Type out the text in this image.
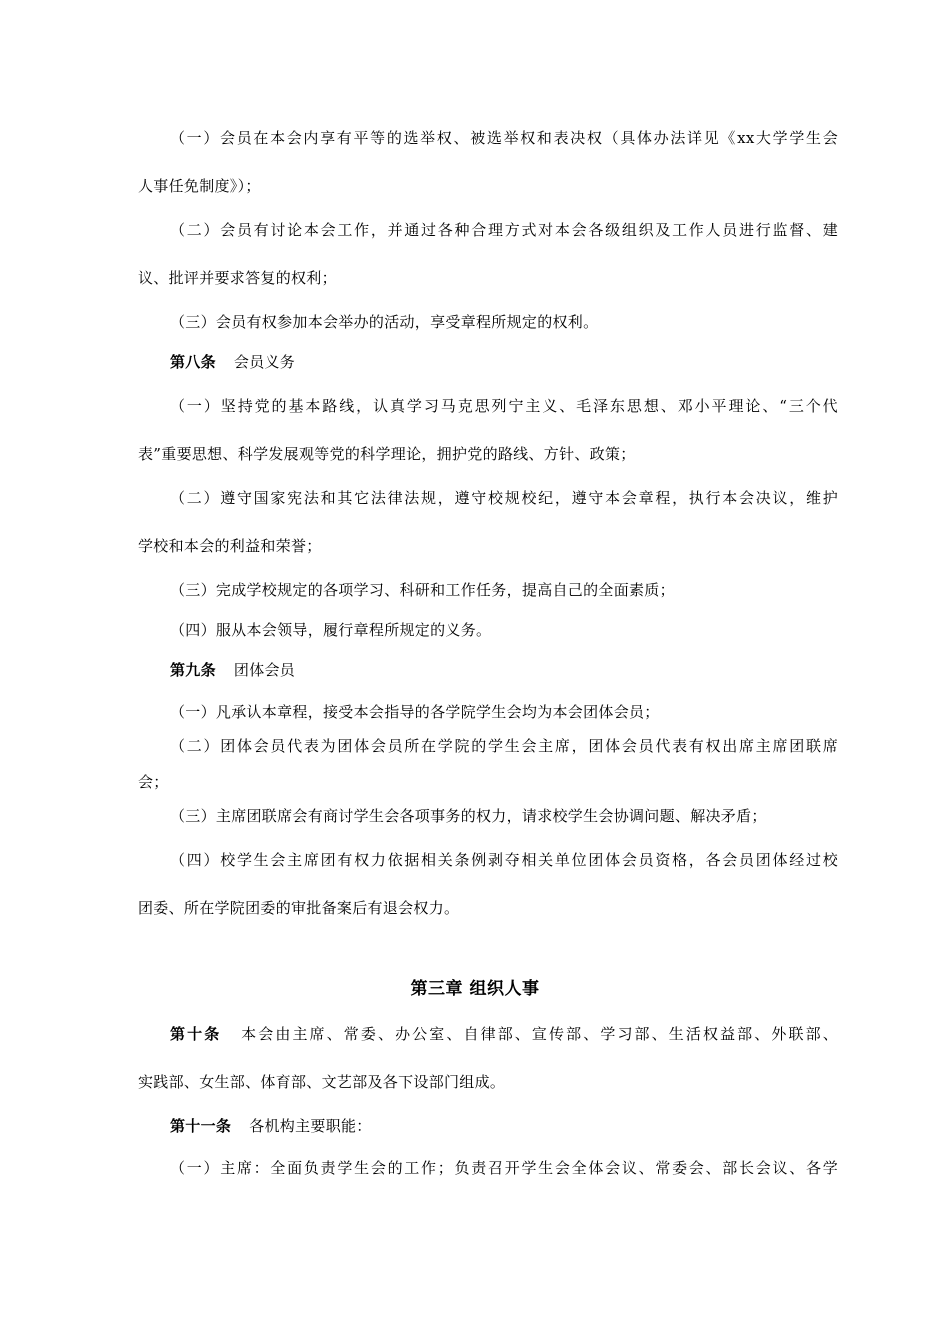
（一）会员在本会内享有平等的选举权、被选举权和表决权（具体办法详见《xx大学学生会
人事任免制度》）；
（二）会员有讨论本会工作，并通过各种合理方式对本会各级组织及工作人员进行监督、建
议、批评并要求答复的权利；
（三）会员有权参加本会举办的活动，享受章程所规定的权利。
第八条 会员义务
（一）坚持党的基本路线，认真学习马克思列宁主义、毛泽东思想、邓小平理论、“三个代
表”重要思想、科学发展观等党的科学理论，拥护党的路线、方针、政策；
（二）遵守国家宪法和其它法律法规，遵守校规校纪，遵守本会章程，执行本会决议，维护
学校和本会的利益和荣誉；
（三）完成学校规定的各项学习、科研和工作任务，提高自己的全面素质；
（四）服从本会领导，履行章程所规定的义务。
第九条 团体会员
（一）凡承认本章程，接受本会指导的各学院学生会均为本会团体会员；
（二）团体会员代表为团体会员所在学院的学生会主席，团体会员代表有权出席主席团联席
会；
（三）主席团联席会有商讨学生会各项事务的权力，请求校学生会协调问题、解决矛盾；
（四）校学生会主席团有权力依据相关条例剥夺相关单位团体会员资格，各会员团体经过校
团委、所在学院团委的审批备案后有退会权力。
第三章 组织人事
第十条 本会由主席、常委、办公室、自律部、宣传部、学习部、生活权益部、外联部、
实践部、女生部、体育部、文艺部及各下设部门组成。
第十一条 各机构主要职能：
（一）主席：全面负责学生会的工作；负责召开学生会全体会议、常委会、部长会议、各学
